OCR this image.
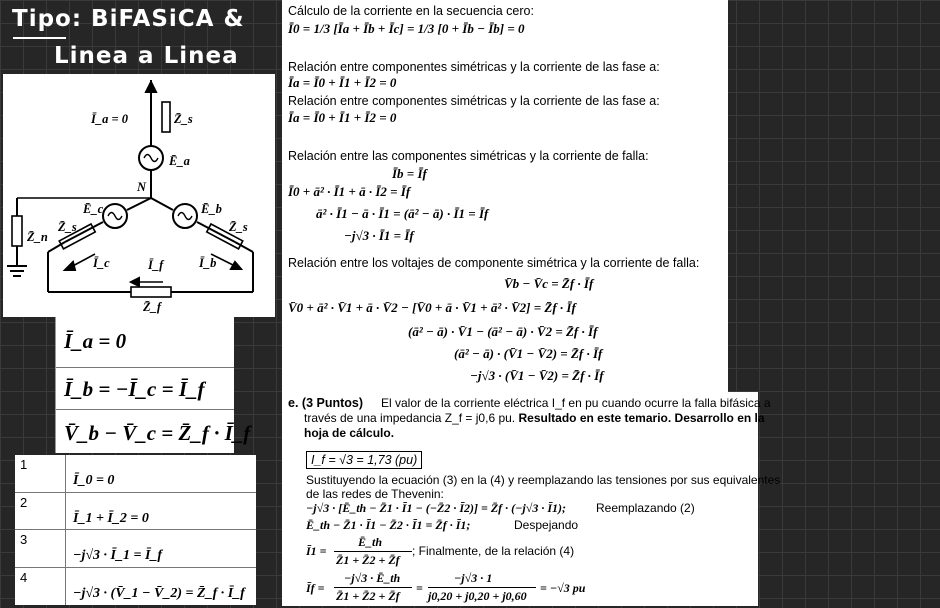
Tipo: BiFASiCA &
Linea a Linea
Ī_a = 0	Z̄_s
Ē_a
N
Ē_c	Ē_b
Z̄_s	Z̄_s
Z̄_n
Ī_c	Ī_f	Ī_b
Z̄_f
Ī_a = 0
Ī_b = −Ī_c = Ī_f
V̄_b − V̄_c = Z̄_f · Ī_f
1
Ī_0 = 0
2
Ī_1 + Ī_2 = 0
3
−j√3 · Ī_1 = Ī_f
4
−j√3 · (V̄_1 − V̄_2) = Z̄_f · Ī_f
Cálculo de la corriente en la secuencia cero:
Ī0 = 1/3 [Īa + Īb + Īc] = 1/3 [0 + Īb − Īb] = 0
Relación entre componentes simétricas y la corriente de las fase a:
Īa = Ī0 + Ī1 + Ī2 = 0
Relación entre componentes simétricas y la corriente de las fase a:
Īa = Ī0 + Ī1 + Ī2 = 0
Relación entre las componentes simétricas y la corriente de falla:
Īb = Īf
Ī0 + ā² · Ī1 + ā · Ī2 = Īf
ā² · Ī1 − ā · Ī1 = (ā² − ā) · Ī1 = Īf
−j√3 · Ī1 = Īf
Relación entre los voltajes de componente simétrica y la corriente de falla:
V̄b − V̄c = Z̄f · Īf
V̄0 + ā² · V̄1 + ā · V̄2 − [V̄0 + ā · V̄1 + ā² · V̄2] = Z̄f · Īf
(ā² − ā) · V̄1 − (ā² − ā) · V̄2 = Z̄f · Īf
(ā² − ā) · (V̄1 − V̄2) = Z̄f · Īf
−j√3 · (V̄1 − V̄2) = Z̄f · Īf
e. (3 Puntos) El valor de la corriente eléctrica I_f en pu cuando ocurre la falla bifásica a
través de una impedancia Z_f = j0,6 pu. Resultado en este temario. Desarrollo en la
hoja de cálculo.
I_f = √3 = 1,73 (pu)
Sustituyendo la ecuación (3) en la (4) y reemplazando las tensiones por sus equivalentes
de las redes de Thevenin:
−j√3 · [Ē_th − Z̄1 · Ī1 − (−Z̄2 · Ī2)] = Z̄f · (−j√3 · Ī1); Reemplazando (2)
Ē_th − Z̄1 · Ī1 − Z̄2 · Ī1 = Z̄f · Ī1;	Despejando
Ī1 =
Ē_th
Z̄1 + Z̄2 + Z̄f
; Finalmente, de la relación (4)
Īf =
−j√3 · Ē_th
Z̄1 + Z̄2 + Z̄f
=
−j√3 · 1
j0,20 + j0,20 + j0,60
= −√3 pu
